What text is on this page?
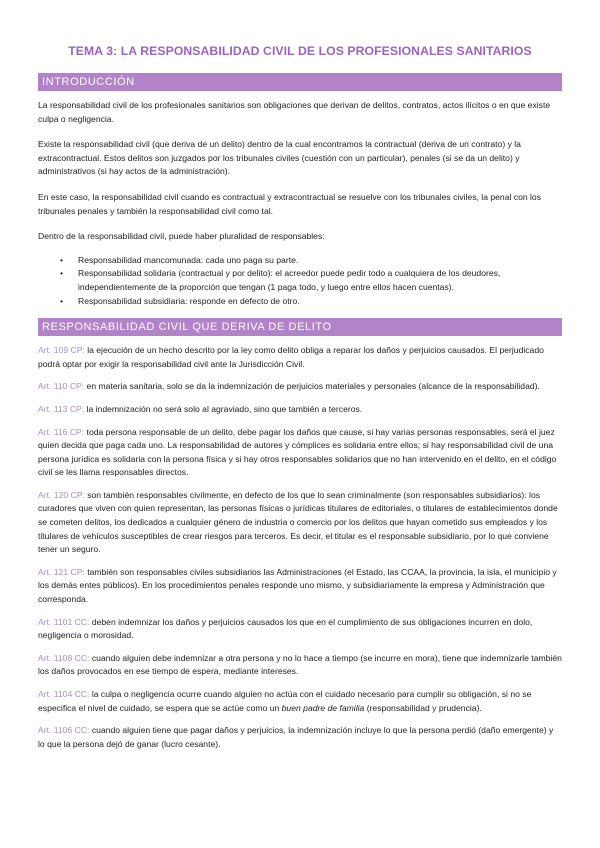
TEMA 3: LA RESPONSABILIDAD CIVIL DE LOS PROFESIONALES SANITARIOS
INTRODUCCIÓN

La responsabilidad civil de los profesionales sanitarios son obligaciones que derivan de delitos, contratos, actos ilícitos o en que existe culpa o negligencia.

Existe la responsabilidad civil (que deriva de un delito) dentro de la cual encontramos la contractual (deriva de un contrato) y la extracontractual. Estos delitos son juzgados por los tribunales civiles (cuestión con un particular), penales (si se da un delito) y administrativos (si hay actos de la administración).

En este caso, la responsabilidad civil cuando es contractual y extracontractual se resuelve con los tribunales civiles, la penal con los tribunales penales y también la responsabilidad civil como tal.

Dentro de la responsabilidad civil, puede haber pluralidad de responsables:

• Responsabilidad mancomunada: cada uno paga su parte.
• Responsabilidad solidaria (contractual y por delito): el acreedor puede pedir todo a cualquiera de los deudores, independientemente de la proporción que tengan (1 paga todo, y luego entre ellos hacen cuentas).
• Responsabilidad subsidiaria: responde en defecto de otro.
RESPONSABILIDAD CIVIL QUE DERIVA DE DELITO

Art. 109 CP: la ejecución de un hecho descrito por la ley como delito obliga a reparar los daños y perjuicios causados. El perjudicado podrá optar por exigir la responsabilidad civil ante la Jurisdicción Civil.

Art. 110 CP: en materia sanitaria, solo se da la indemnización de perjuicios materiales y personales (alcance de la responsabilidad).

Art. 113 CP: la indemnización no será solo al agraviado, sino que también a terceros.

Art. 116 CP: toda persona responsable de un delito, debe pagar los daños que cause, si hay varias personas responsables, será el juez quien decida que paga cada uno. La responsabilidad de autores y cómplices es solidaria entre ellos; si hay responsabilidad civil de una persona jurídica es solidaria con la persona física y si hay otros responsables solidarios que no han intervenido en el delito, en el código civil se les llama responsables directos.

Art. 120 CP: son también responsables civilmente, en defecto de los que lo sean criminalmente (son responsables subsidiarios): los curadores que viven con quien representan, las personas físicas o jurídicas titulares de editoriales, o titulares de establecimientos donde se cometen delitos, los dedicados a cualquier género de industria o comercio por los delitos que hayan cometido sus empleados y los titulares de vehículos susceptibles de crear riesgos para terceros. Es decir, el titular es el responsable subsidiario, por lo que conviene tener un seguro.

Art. 121 CP: también son responsables civiles subsidiarios las Administraciones (el Estado, las CCAA, la provincia, la isla, el municipio y los demás entes públicos). En los procedimientos penales responde uno mismo, y subsidiariamente la empresa y Administración que corresponda.

Art. 1101 CC: deben indemnizar los daños y perjuicios causados los que en el cumplimiento de sus obligaciones incurren en dolo, negligencia o morosidad.

Art. 1108 CC: cuando alguien debe indemnizar a otra persona y no lo hace a tiempo (se incurre en mora), tiene que indemnizarle también los daños provocados en ese tiempo de espera, mediante intereses.

Art. 1104 CC: la culpa o negligencia ocurre cuando alguien no actúa con el cuidado necesario para cumplir su obligación, si no se especifica el nivel de cuidado, se espera que se actúe como un buen padre de familia (responsabilidad y prudencia).

Art. 1106 CC: cuando alguien tiene que pagar daños y perjuicios, la indemnización incluye lo que la persona perdió (daño emergente) y lo que la persona dejó de ganar (lucro cesante).
